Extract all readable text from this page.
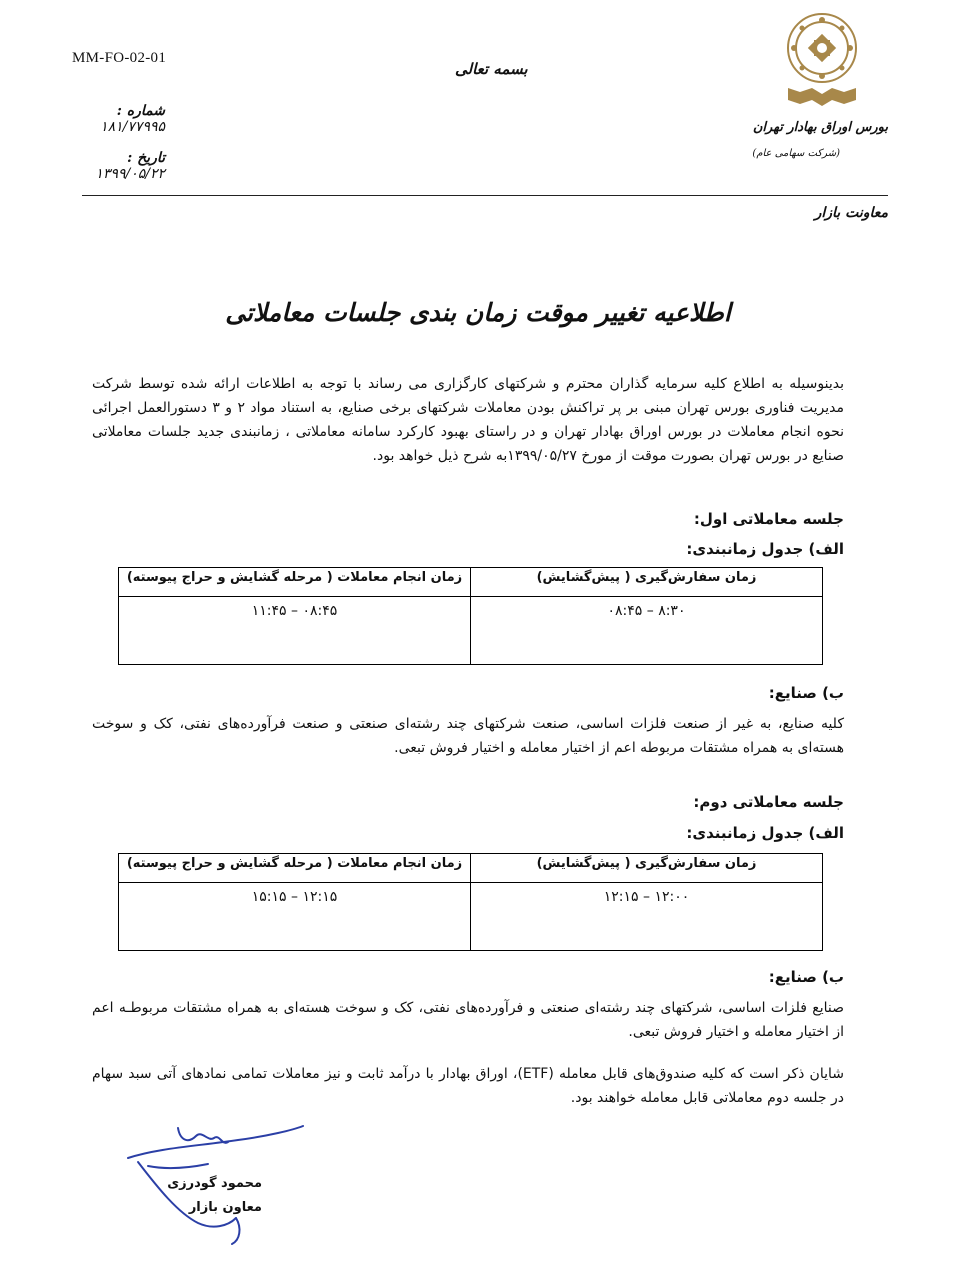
MM-FO-02-01
بسمه تعالی
شماره : ۱۸۱/۷۷۹۹۵
تاریخ : ۱۳۹۹/۰۵/۲۲
بورس اوراق بهادار تهران
(شرکت سهامی عام)
معاونت بازار
اطلاعیه تغییر موقت زمان بندی جلسات معاملاتی
بدینوسیله به اطلاع کلیه سرمایه گذاران محترم و شرکتهای کارگزاری می رساند با توجه به اطلاعات ارائه شده توسط شرکت مدیریت فناوری بورس تهران مبنی بر پر تراکنش بودن معاملات شرکتهای برخی صنایع، به استناد مواد ۲ و ۳ دستورالعمل اجرائی نحوه انجام معاملات در بورس اوراق بهادار تهران و در راستای بهبود کارکرد سامانه معاملاتی ، زمانبندی جدید جلسات معاملاتی صنایع در بورس تهران بصورت موقت از مورخ ۱۳۹۹/۰۵/۲۷به شرح ذیل خواهد بود.
جلسه معاملاتی اول:
الف) جدول زمانبندی:
زمان سفارش‌گیری ( پیش‌گشایش)	زمان انجام معاملات ( مرحله گشایش و حراج پیوسته)
۰۸:۴۵ – ۸:۳۰	۱۱:۴۵ – ۰۸:۴۵
ب) صنایع:
کلیه صنایع، به غیر از صنعت فلزات اساسی، صنعت شرکتهای چند رشته‌ای صنعتی و صنعت فرآورده‌های نفتی، کک و سوخت هسته‌ای به همراه مشتقات مربوطه اعم از اختیار معامله و اختیار فروش تبعی.
جلسه معاملاتی دوم:
الف) جدول زمانبندی:
زمان سفارش‌گیری ( پیش‌گشایش)	زمان انجام معاملات ( مرحله گشایش و حراج پیوسته)
۱۲:۱۵ – ۱۲:۰۰	۱۵:۱۵ – ۱۲:۱۵
ب) صنایع:
صنایع فلزات اساسی، شرکتهای چند رشته‌ای صنعتی و فرآورده‌های نفتی، کک و سوخت هسته‌ای به همراه مشتقات مربوطـه اعم از اختیار معامله و اختیار فروش تبعی.
شایان ذکر است که کلیه صندوق‌های قابل معامله (ETF)، اوراق بهادار با درآمد ثابت و نیز معاملات تمامی نمادهای آتی سبد سهام در جلسه دوم معاملاتی قابل معامله خواهند بود.
محمود گودرزی
معاون بازار
